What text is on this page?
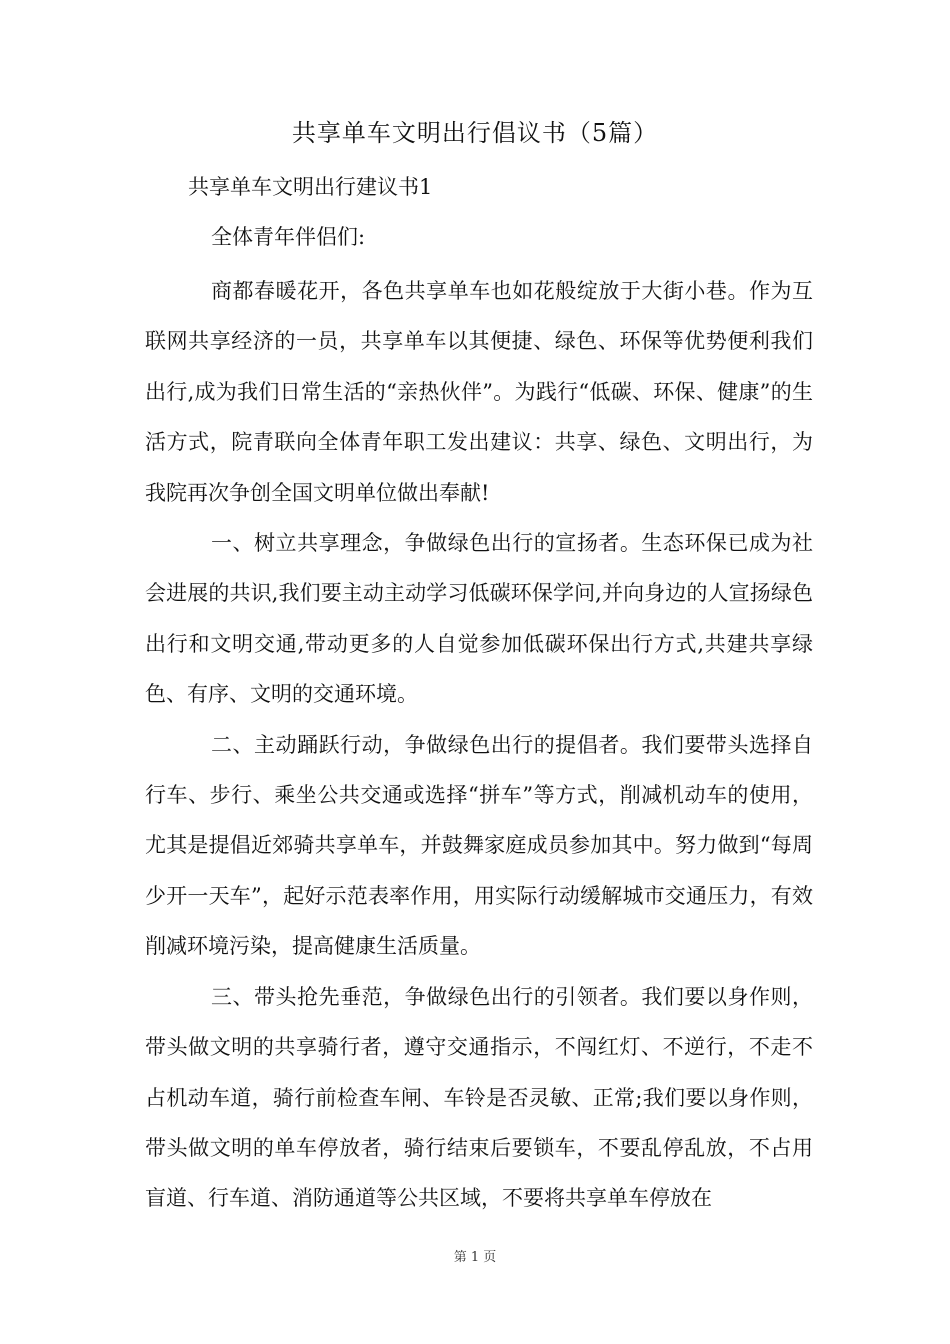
共享单车文明出行倡议书（5篇）
共享单车文明出行建议书1
全体青年伴侣们:

商都春暖花开，各色共享单车也如花般绽放于大街小巷。作为互联网共享经济的一员，共享单车以其便捷、绿色、环保等优势便利我们出行,成为我们日常生活的“亲热伙伴”。为践行“低碳、环保、健康”的生活方式，院青联向全体青年职工发出建议：共享、绿色、文明出行，为我院再次争创全国文明单位做出奉献!

一、树立共享理念，争做绿色出行的宣扬者。生态环保已成为社会进展的共识,我们要主动主动学习低碳环保学问,并向身边的人宣扬绿色出行和文明交通,带动更多的人自觉参加低碳环保出行方式,共建共享绿色、有序、文明的交通环境。

二、主动踊跃行动，争做绿色出行的提倡者。我们要带头选择自行车、步行、乘坐公共交通或选择“拼车”等方式，削减机动车的使用，尤其是提倡近郊骑共享单车，并鼓舞家庭成员参加其中。努力做到“每周少开一天车”，起好示范表率作用，用实际行动缓解城市交通压力，有效削减环境污染，提高健康生活质量。

三、带头抢先垂范，争做绿色出行的引领者。我们要以身作则，带头做文明的共享骑行者，遵守交通指示，不闯红灯、不逆行，不走不占机动车道，骑行前检查车闸、车铃是否灵敏、正常;我们要以身作则，带头做文明的单车停放者，骑行结束后要锁车，不要乱停乱放，不占用盲道、行车道、消防通道等公共区域，不要将共享单车停放在

第 1 页
